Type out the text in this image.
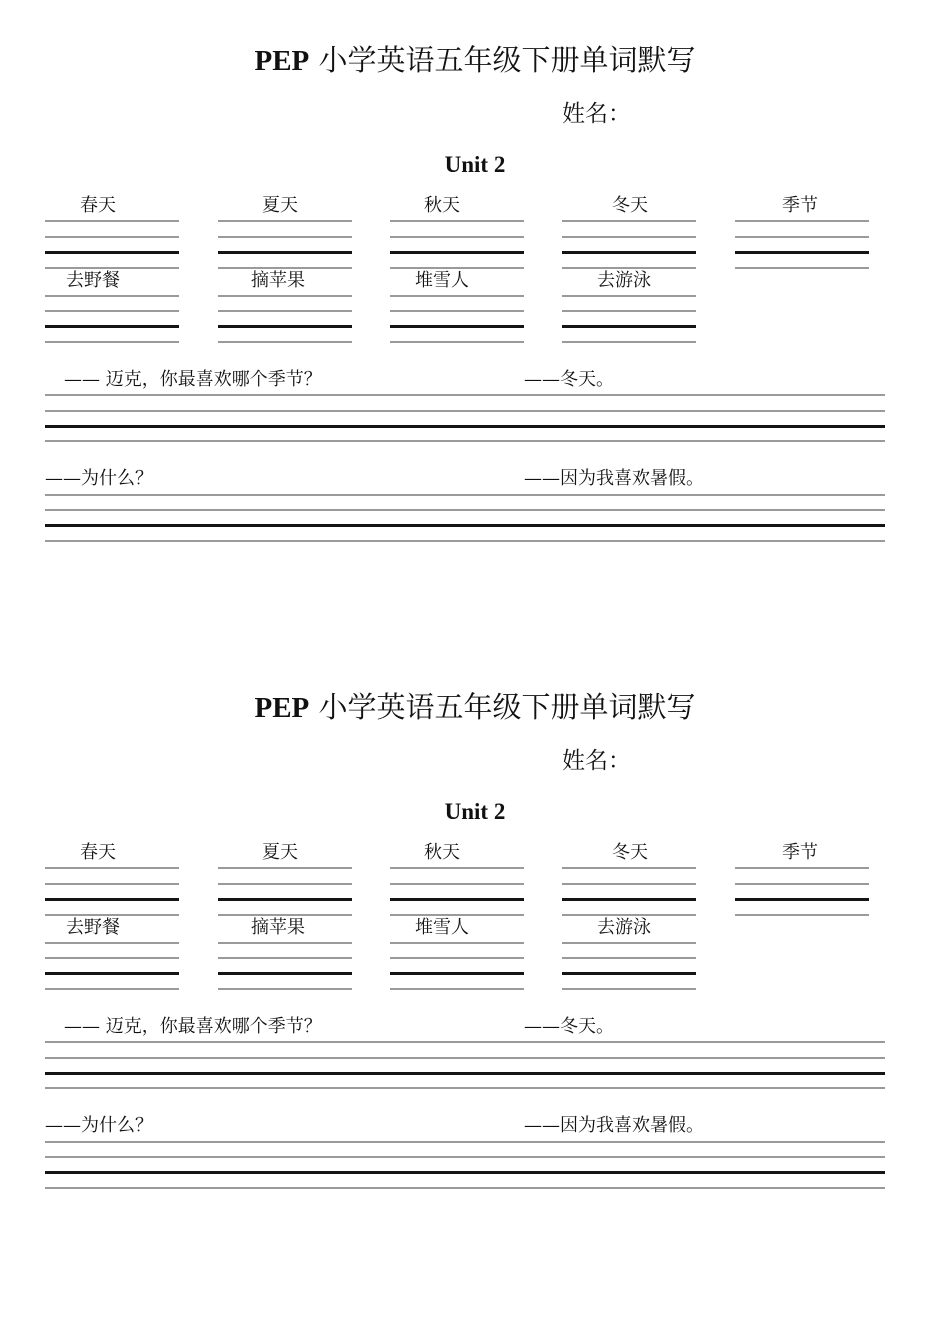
PEP 小学英语五年级下册单词默写
姓名：
Unit 2
春天	夏天	秋天	冬天	季节
去野餐	摘苹果	堆雪人	去游泳
—— 迈克，你最喜欢哪个季节？	——冬天。
——为什么？	——因为我喜欢暑假。
PEP 小学英语五年级下册单词默写
姓名：
Unit 2
春天	夏天	秋天	冬天	季节
去野餐	摘苹果	堆雪人	去游泳
—— 迈克，你最喜欢哪个季节？	——冬天。
——为什么？	——因为我喜欢暑假。
